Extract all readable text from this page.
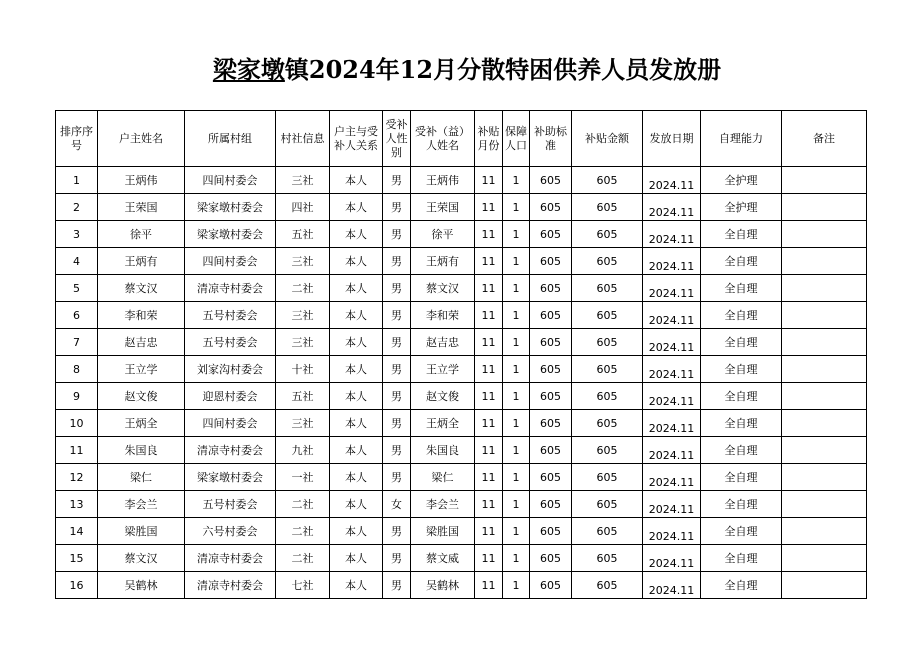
梁家墩镇2024年12月分散特困供养人员发放册
排序序号	户主姓名	所属村组	村社信息	户主与受补人关系	受补人性别	受补（益）人姓名	补贴月份	保障人口	补助标准	补贴金额	发放日期	自理能力	备注

1	王炳伟	四间村委会	三社	本人	男	王炳伟	11	1	605	605	2024.11	全护理	
2	王荣国	梁家墩村委会	四社	本人	男	王荣国	11	1	605	605	2024.11	全护理	
3	徐平	梁家墩村委会	五社	本人	男	徐平	11	1	605	605	2024.11	全自理	
4	王炳有	四间村委会	三社	本人	男	王炳有	11	1	605	605	2024.11	全自理	
5	蔡文汉	清凉寺村委会	二社	本人	男	蔡文汉	11	1	605	605	2024.11	全自理	
6	李和荣	五号村委会	三社	本人	男	李和荣	11	1	605	605	2024.11	全自理	
7	赵吉忠	五号村委会	三社	本人	男	赵吉忠	11	1	605	605	2024.11	全自理	
8	王立学	刘家沟村委会	十社	本人	男	王立学	11	1	605	605	2024.11	全自理	
9	赵文俊	迎恩村委会	五社	本人	男	赵文俊	11	1	605	605	2024.11	全自理	
10	王炳全	四间村委会	三社	本人	男	王炳全	11	1	605	605	2024.11	全自理	
11	朱国良	清凉寺村委会	九社	本人	男	朱国良	11	1	605	605	2024.11	全自理	
12	梁仁	梁家墩村委会	一社	本人	男	梁仁	11	1	605	605	2024.11	全自理	
13	李会兰	五号村委会	二社	本人	女	李会兰	11	1	605	605	2024.11	全自理	
14	梁胜国	六号村委会	二社	本人	男	梁胜国	11	1	605	605	2024.11	全自理	
15	蔡文汉	清凉寺村委会	二社	本人	男	蔡文威	11	1	605	605	2024.11	全自理	
16	吴鹤林	清凉寺村委会	七社	本人	男	吴鹤林	11	1	605	605	2024.11	全自理	
